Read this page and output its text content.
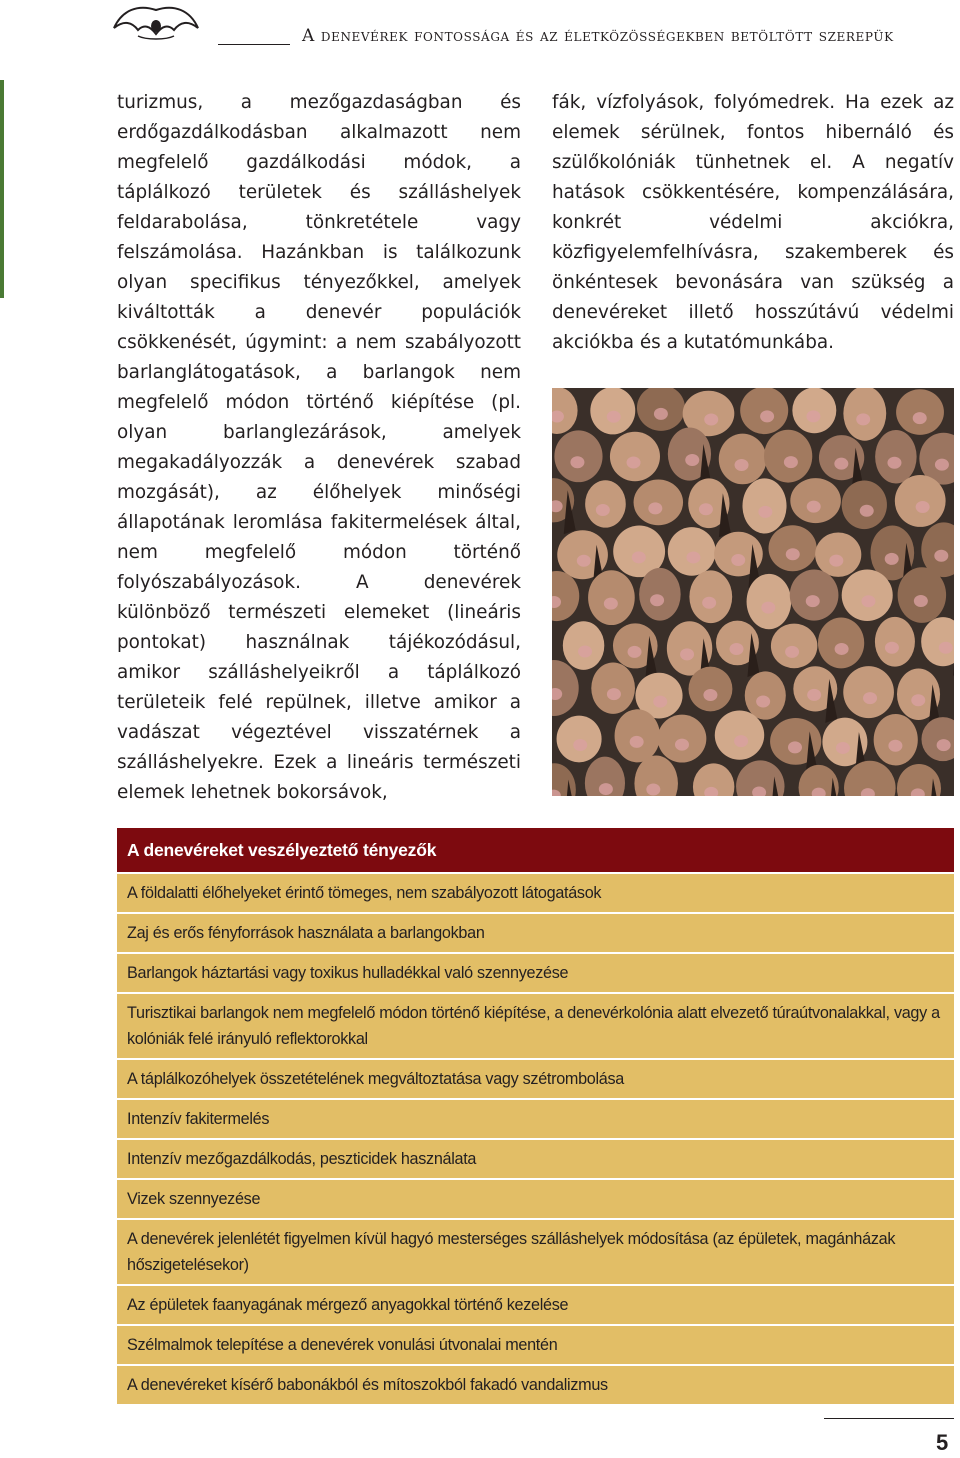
A denevérek fontossága és az életközösségekben betöltött szerepük

turizmus, a mezőgazdaságban és erdőgazdálkodásban alkalmazott nem megfelelő gazdálkodási módok, a táplálkozó területek és szálláshelyek feldarabolása, tönkretétele vagy felszámolása. Hazánkban is találkozunk olyan specifikus tényezőkkel, amelyek kiváltották a denevér populációk csökkenését, úgymint: a nem szabályozott barlanglátogatások, a barlangok nem megfelelő módon történő kiépítése (pl. olyan barlanglezárások, amelyek megakadályozzák a denevérek szabad mozgását), az élőhelyek minőségi állapotának leromlása fakitermelések által, nem megfelelő módon történő folyószabályozások. A denevérek különböző természeti elemeket (lineáris pontokat) használnak tájékozódásul, amikor szálláshelyeikről a táplálkozó területeik felé repülnek, illetve amikor a vadászat végeztével visszatérnek a szálláshelyekre. Ezek a lineáris természeti elemek lehetnek bokorsávok,

fák, vízfolyások, folyómedrek. Ha ezek az elemek sérülnek, fontos hibernáló és szülőkolóniák tünhetnek el. A negatív hatások csökkentésére, kompenzálására, konkrét védelmi akciókra, közfigyelemfelhívásra, szakemberek és önkéntesek bevonására van szükség a denevéreket illető hosszútávú védelmi akciókba és a kutatómunkába.

A denevéreket veszélyeztető tényezők
A földalatti élőhelyeket érintő tömeges, nem szabályozott látogatások
Zaj és erős fényforrások használata a barlangokban
Barlangok háztartási vagy toxikus hulladékkal való szennyezése
Turisztikai barlangok nem megfelelő módon történő kiépítése, a denevérkolónia alatt elvezető túraútvonalakkal, vagy a kolóniák felé irányuló reflektorokkal
A táplálkozóhelyek összetételének megváltoztatása vagy szétrombolása
Intenzív fakitermelés
Intenzív mezőgazdálkodás, peszticidek használata
Vizek szennyezése
A denevérek jelenlétét figyelmen kívül hagyó mesterséges szálláshelyek módosítása (az épületek, magánházak hőszigetelésekor)
Az épületek faanyagának mérgező anyagokkal történő kezelése
Szélmalmok telepítése a denevérek vonulási útvonalai mentén
A denevéreket kísérő babonákból és mítoszokból fakadó vandalizmus
5
